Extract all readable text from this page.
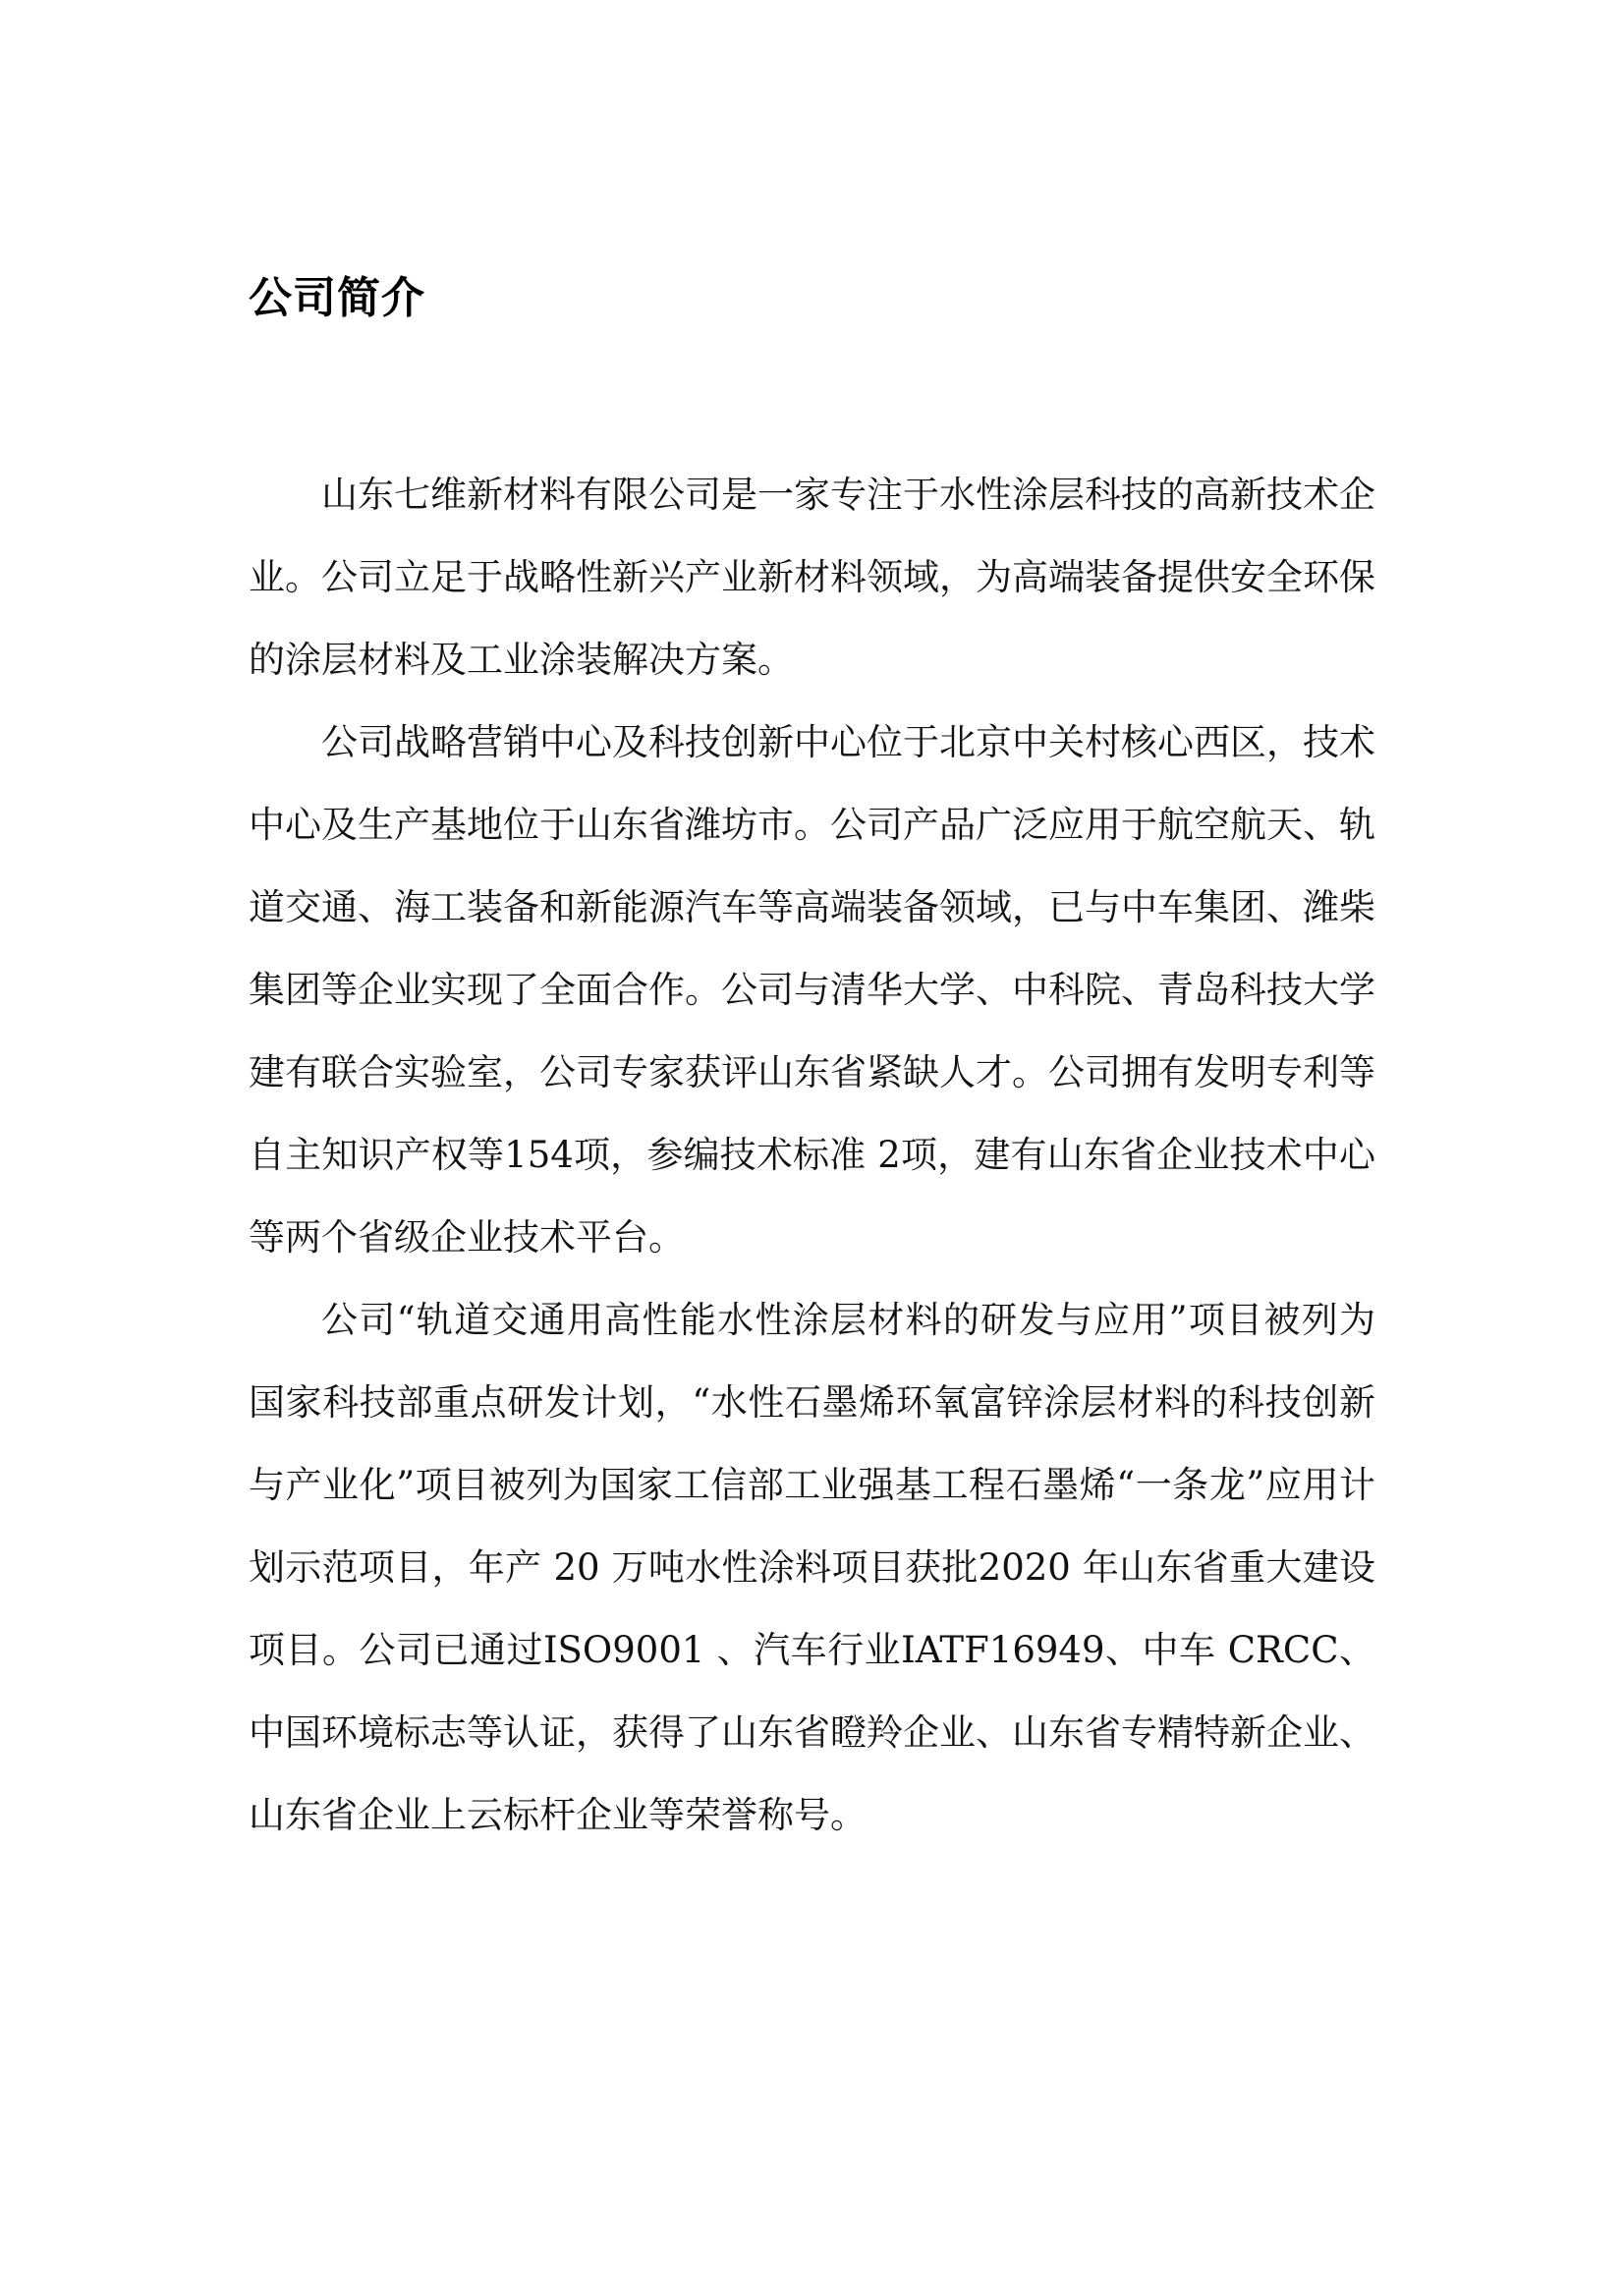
公司简介

山东七维新材料有限公司是一家专注于水性涂层科技的高新技术企业。公司立足于战略性新兴产业新材料领域，为高端装备提供安全环保的涂层材料及工业涂装解决方案。

公司战略营销中心及科技创新中心位于北京中关村核心西区，技术中心及生产基地位于山东省潍坊市。公司产品广泛应用于航空航天、轨道交通、海工装备和新能源汽车等高端装备领域，已与中车集团、潍柴集团等企业实现了全面合作。公司与清华大学、中科院、青岛科技大学建有联合实验室，公司专家获评山东省紧缺人才。公司拥有发明专利等自主知识产权等154项，参编技术标准 2项，建有山东省企业技术中心等两个省级企业技术平台。

公司“轨道交通用高性能水性涂层材料的研发与应用”项目被列为国家科技部重点研发计划，“水性石墨烯环氧富锌涂层材料的科技创新与产业化”项目被列为国家工信部工业强基工程石墨烯“一条龙”应用计划示范项目，年产 20 万吨水性涂料项目获批2020 年山东省重大建设项目。公司已通过ISO9001 、汽车行业IATF16949、中车 CRCC、中国环境标志等认证，获得了山东省瞪羚企业、山东省专精特新企业、山东省企业上云标杆企业等荣誉称号。
